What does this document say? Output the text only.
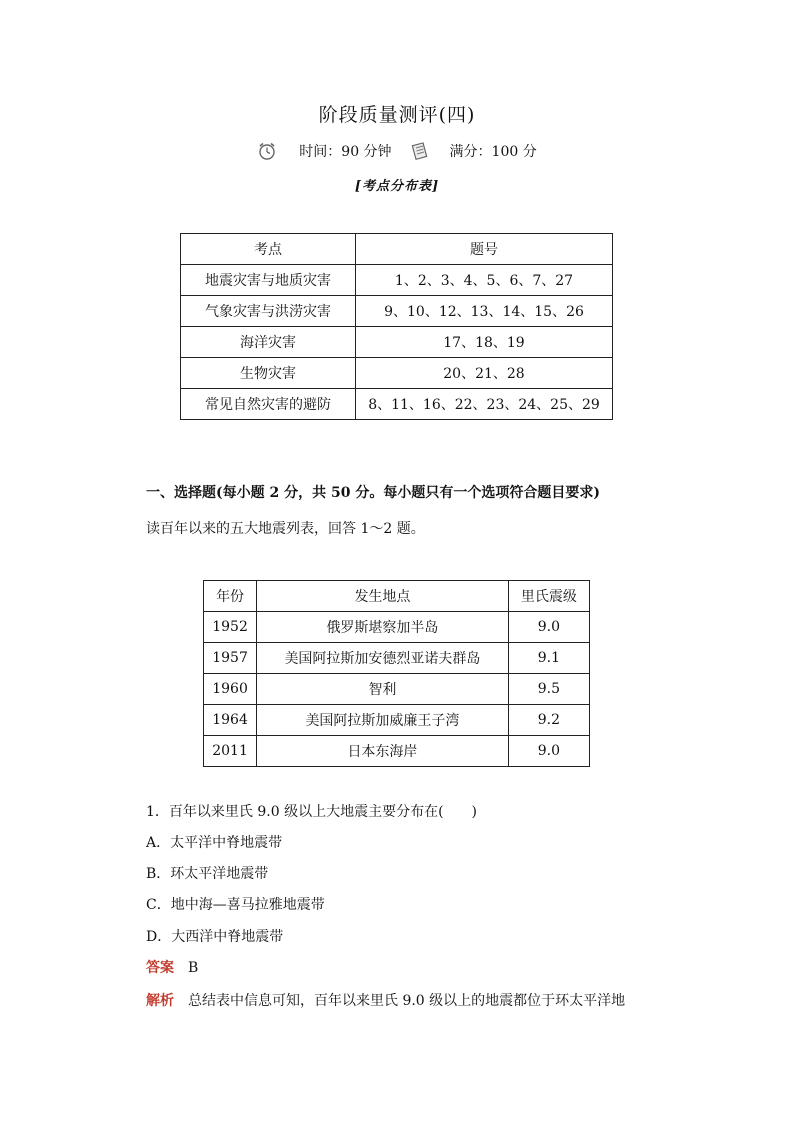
阶段质量测评(四)
时间：90 分钟	满分：100 分
[考点分布表]
考点	题号
地震灾害与地质灾害	1、2、3、4、5、6、7、27
气象灾害与洪涝灾害	9、10、12、13、14、15、26
海洋灾害	17、18、19
生物灾害	20、21、28
常见自然灾害的避防	8、11、16、22、23、24、25、29
一、选择题(每小题 2 分，共 50 分。每小题只有一个选项符合题目要求)
读百年以来的五大地震列表，回答 1～2 题。
年份	发生地点	里氏震级
1952	俄罗斯堪察加半岛	9.0
1957	美国阿拉斯加安德烈亚诺夫群岛	9.1
1960	智利	9.5
1964	美国阿拉斯加威廉王子湾	9.2
2011	日本东海岸	9.0
1．百年以来里氏 9.0 级以上大地震主要分布在(　　)
A．太平洋中脊地震带
B．环太平洋地震带
C．地中海—喜马拉雅地震带
D．大西洋中脊地震带
答案 B
解析 总结表中信息可知，百年以来里氏 9.0 级以上的地震都位于环太平洋地
